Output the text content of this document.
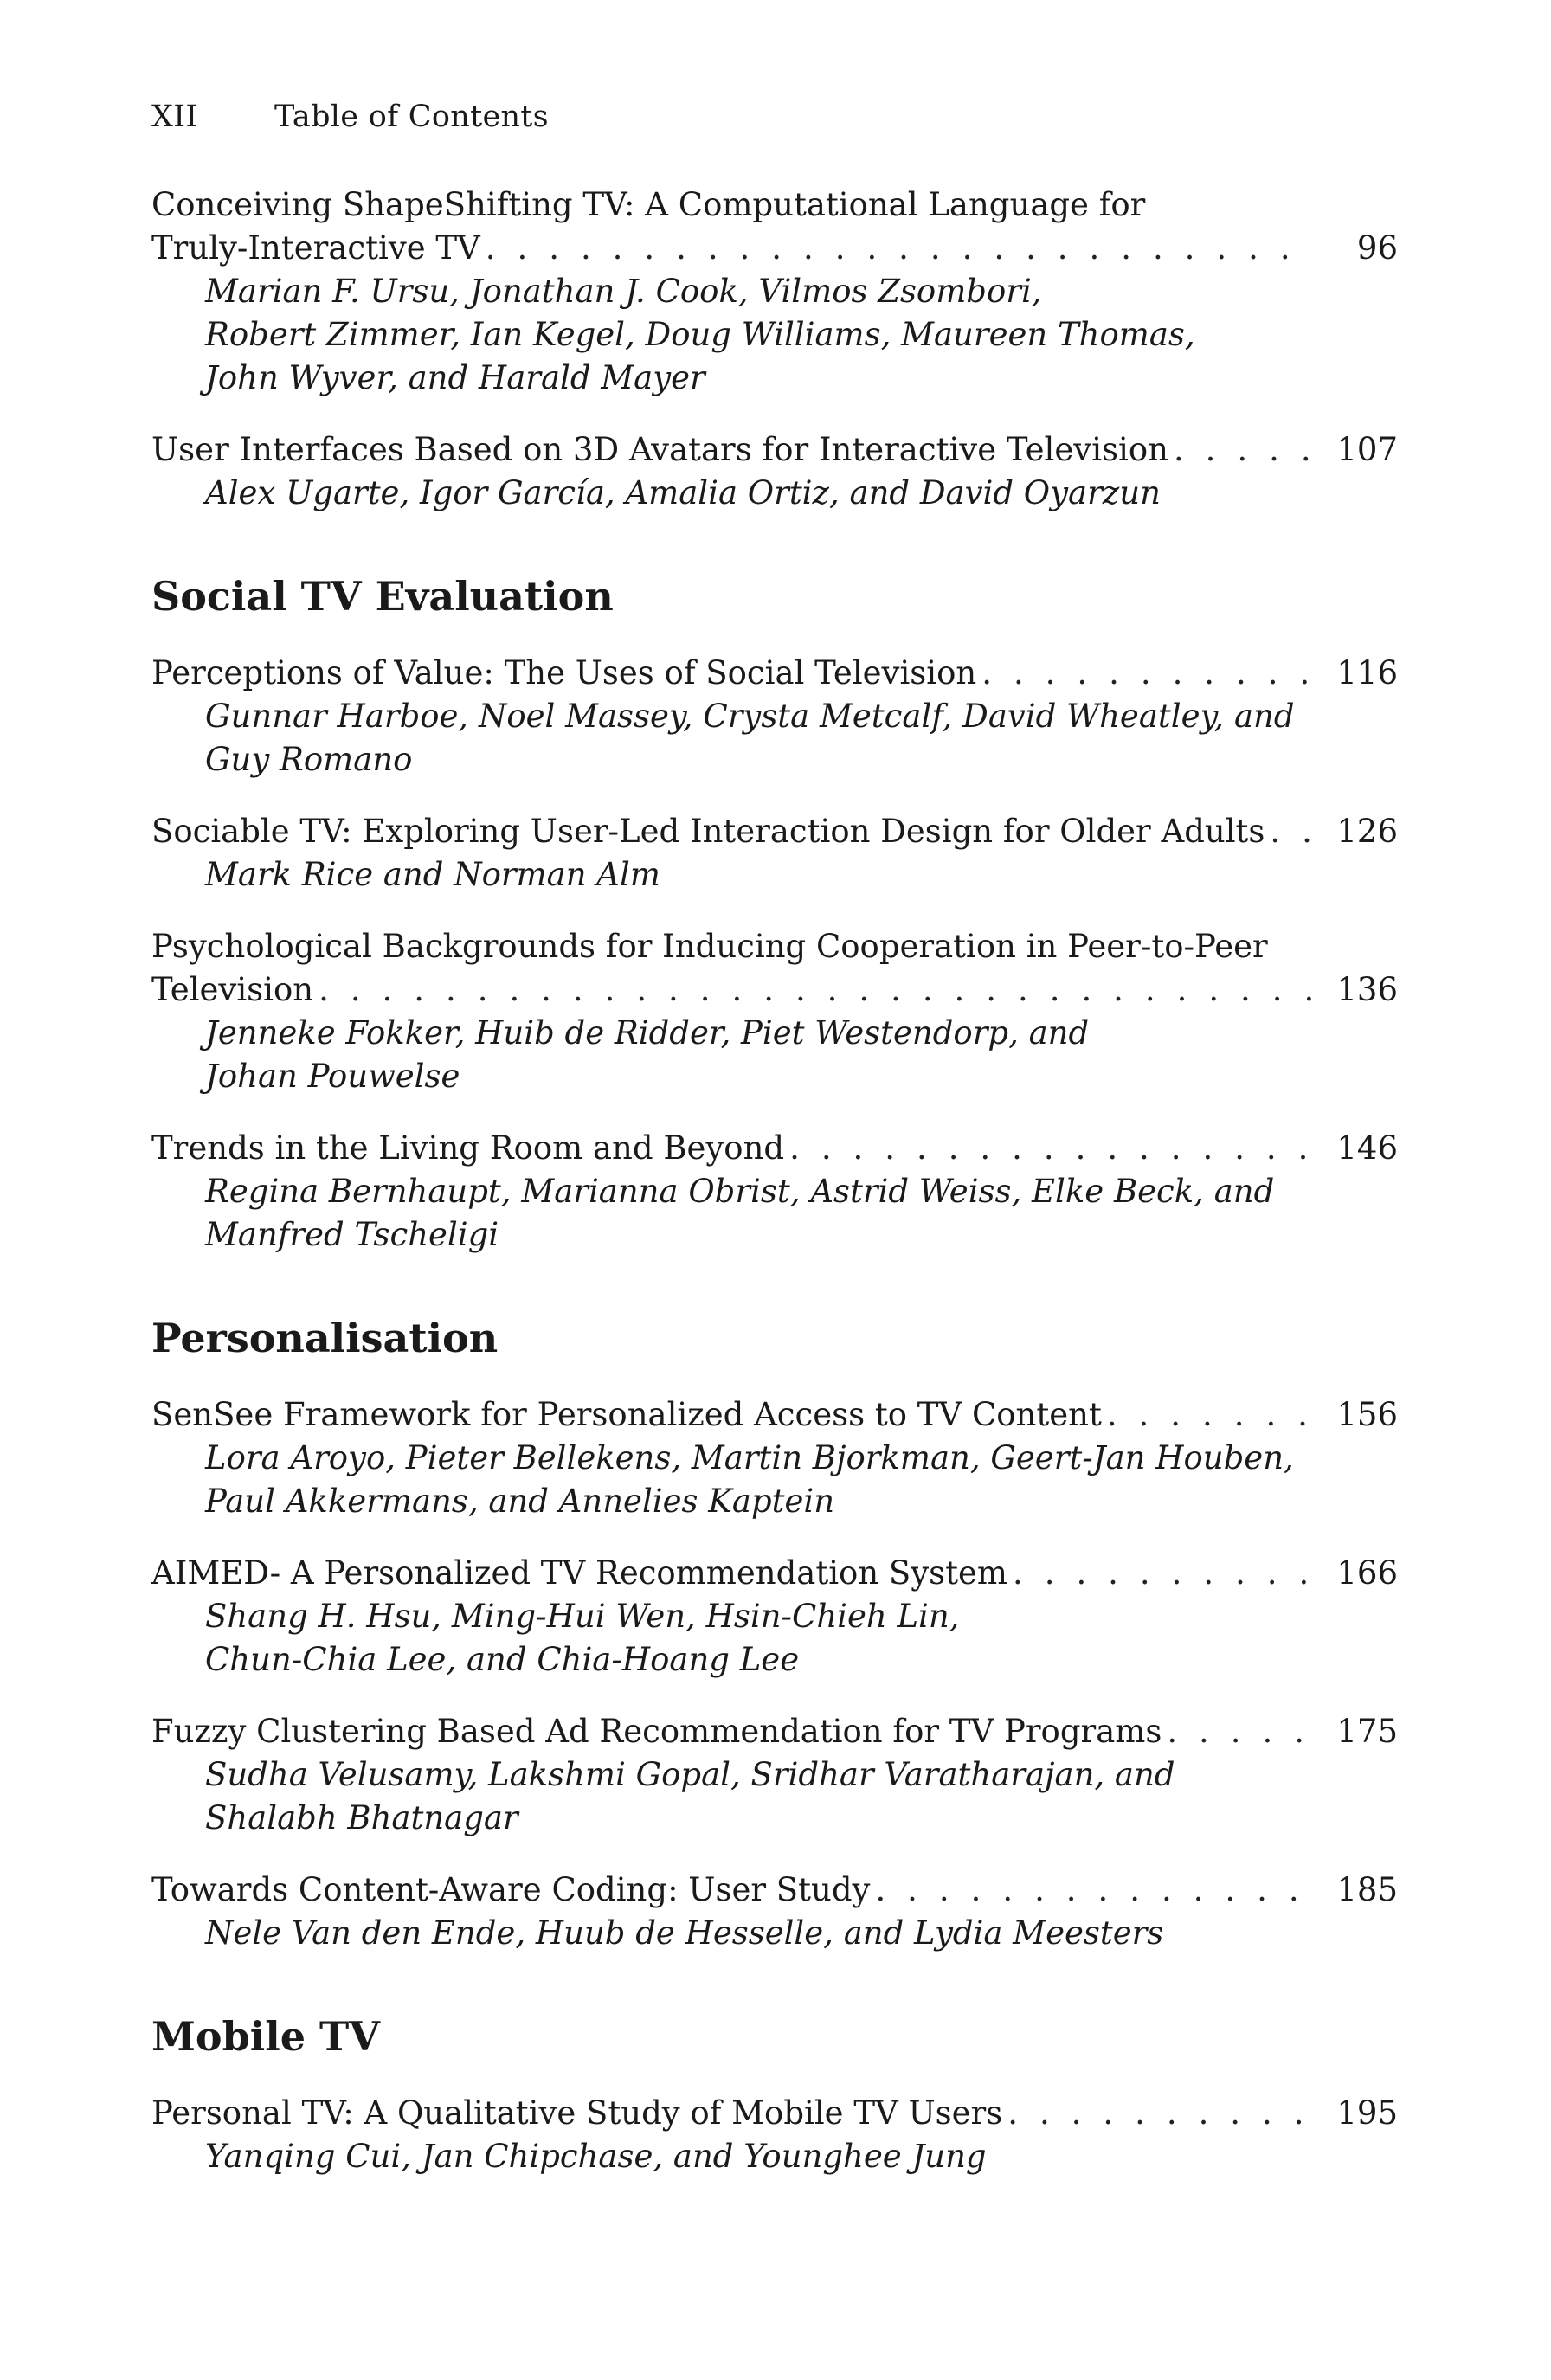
XII	Table of Contents
Conceiving ShapeShifting TV: A Computational Language for
Truly-Interactive TV . . .	96
Marian F. Ursu, Jonathan J. Cook, Vilmos Zsombori,
Robert Zimmer, Ian Kegel, Doug Williams, Maureen Thomas,
John Wyver, and Harald Mayer
User Interfaces Based on 3D Avatars for Interactive Television . . .	107
Alex Ugarte, Igor García, Amalia Ortiz, and David Oyarzun
Social TV Evaluation
Perceptions of Value: The Uses of Social Television . . .	116
Gunnar Harboe, Noel Massey, Crysta Metcalf, David Wheatley, and
Guy Romano
Sociable TV: Exploring User-Led Interaction Design for Older Adults . . .	126
Mark Rice and Norman Alm
Psychological Backgrounds for Inducing Cooperation in Peer-to-Peer
Television . . .	136
Jenneke Fokker, Huib de Ridder, Piet Westendorp, and
Johan Pouwelse
Trends in the Living Room and Beyond . . .	146
Regina Bernhaupt, Marianna Obrist, Astrid Weiss, Elke Beck, and
Manfred Tscheligi
Personalisation
SenSee Framework for Personalized Access to TV Content . . .	156
Lora Aroyo, Pieter Bellekens, Martin Bjorkman, Geert-Jan Houben,
Paul Akkermans, and Annelies Kaptein
AIMED- A Personalized TV Recommendation System . . .	166
Shang H. Hsu, Ming-Hui Wen, Hsin-Chieh Lin,
Chun-Chia Lee, and Chia-Hoang Lee
Fuzzy Clustering Based Ad Recommendation for TV Programs . . .	175
Sudha Velusamy, Lakshmi Gopal, Sridhar Varatharajan, and
Shalabh Bhatnagar
Towards Content-Aware Coding: User Study . . .	185
Nele Van den Ende, Huub de Hesselle, and Lydia Meesters
Mobile TV
Personal TV: A Qualitative Study of Mobile TV Users . . .	195
Yanqing Cui, Jan Chipchase, and Younghee Jung
